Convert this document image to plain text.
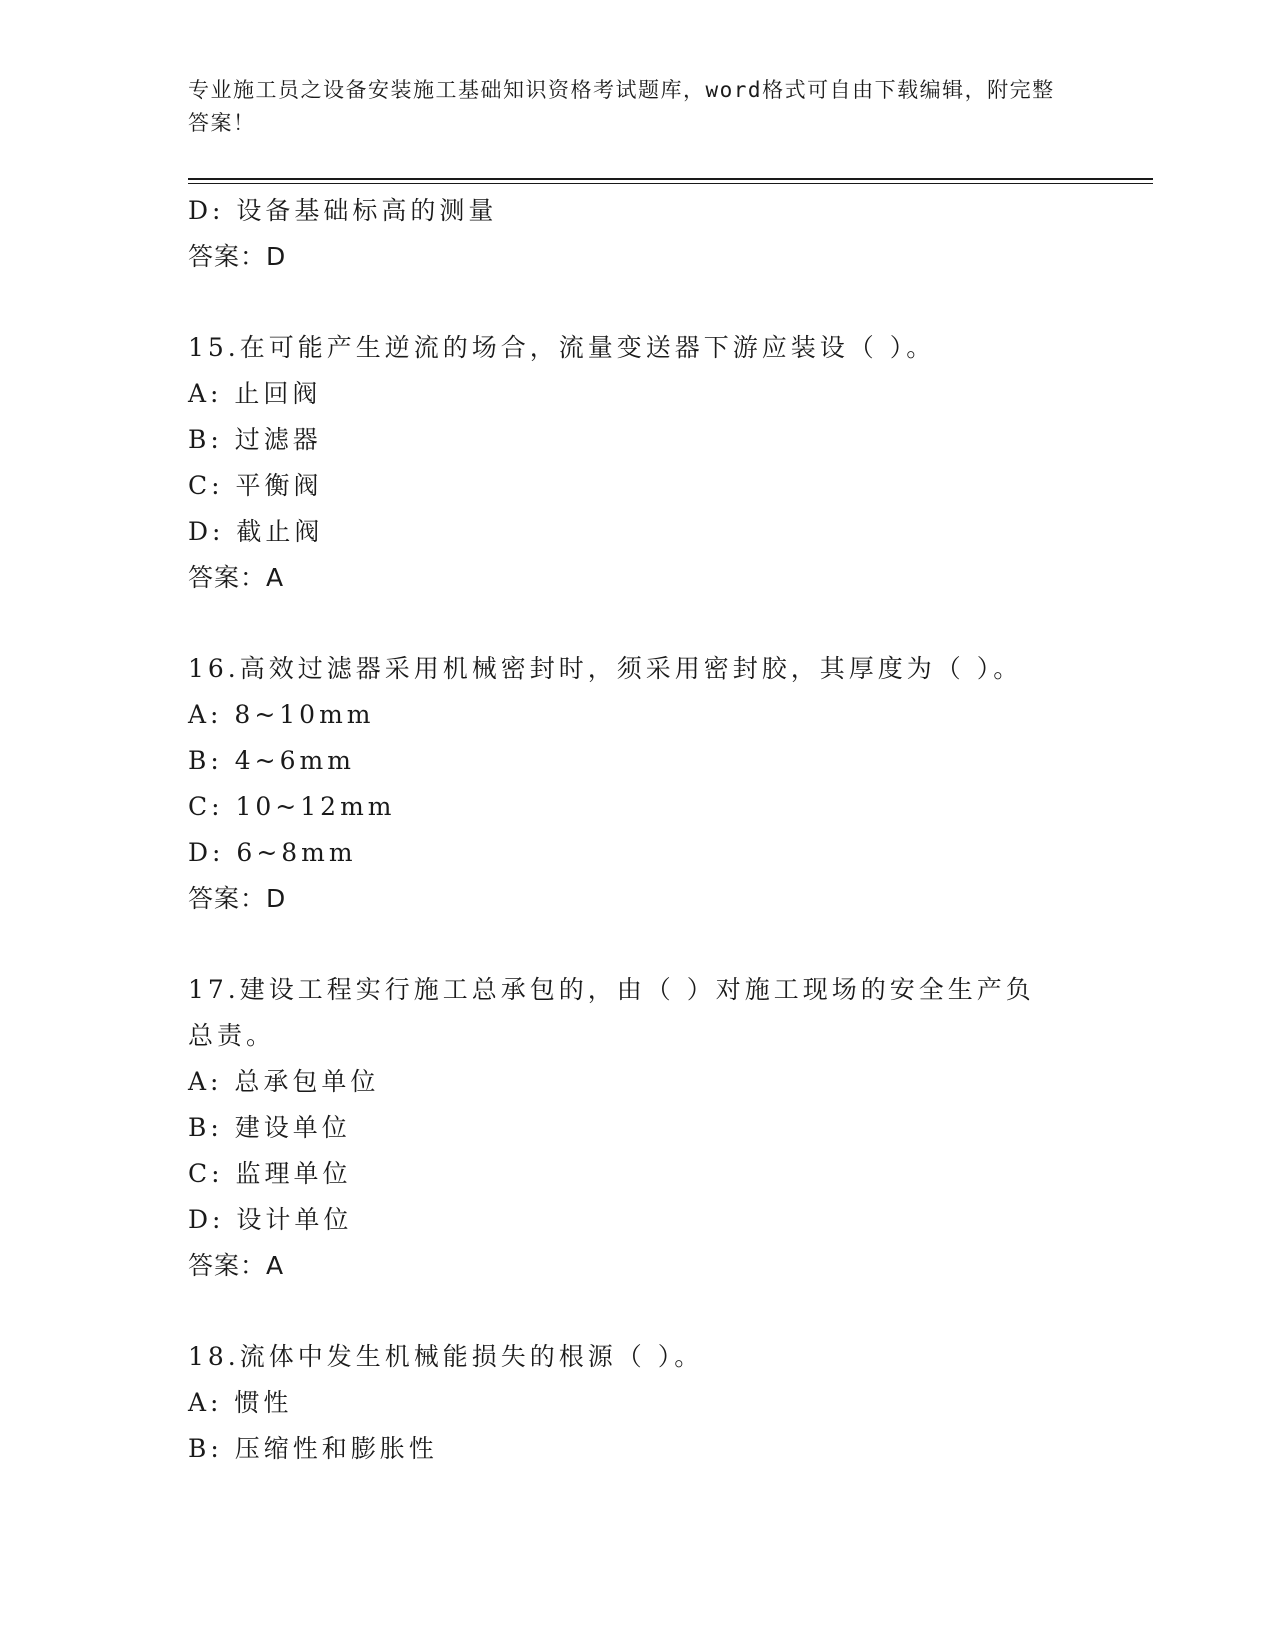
专业施工员之设备安装施工基础知识资格考试题库，word格式可自由下载编辑，附完整答案！
D: 设备基础标高的测量
答案：D
15.在可能产生逆流的场合，流量变送器下游应装设（ ）。
A: 止回阀
B: 过滤器
C: 平衡阀
D: 截止阀
答案：A
16.高效过滤器采用机械密封时，须采用密封胶，其厚度为（ ）。
A: 8~10mm
B: 4~6mm
C: 10~12mm
D: 6~8mm
答案：D
17.建设工程实行施工总承包的，由（ ）对施工现场的安全生产负总责。
A: 总承包单位
B: 建设单位
C: 监理单位
D: 设计单位
答案：A
18.流体中发生机械能损失的根源（ ）。
A: 惯性
B: 压缩性和膨胀性
